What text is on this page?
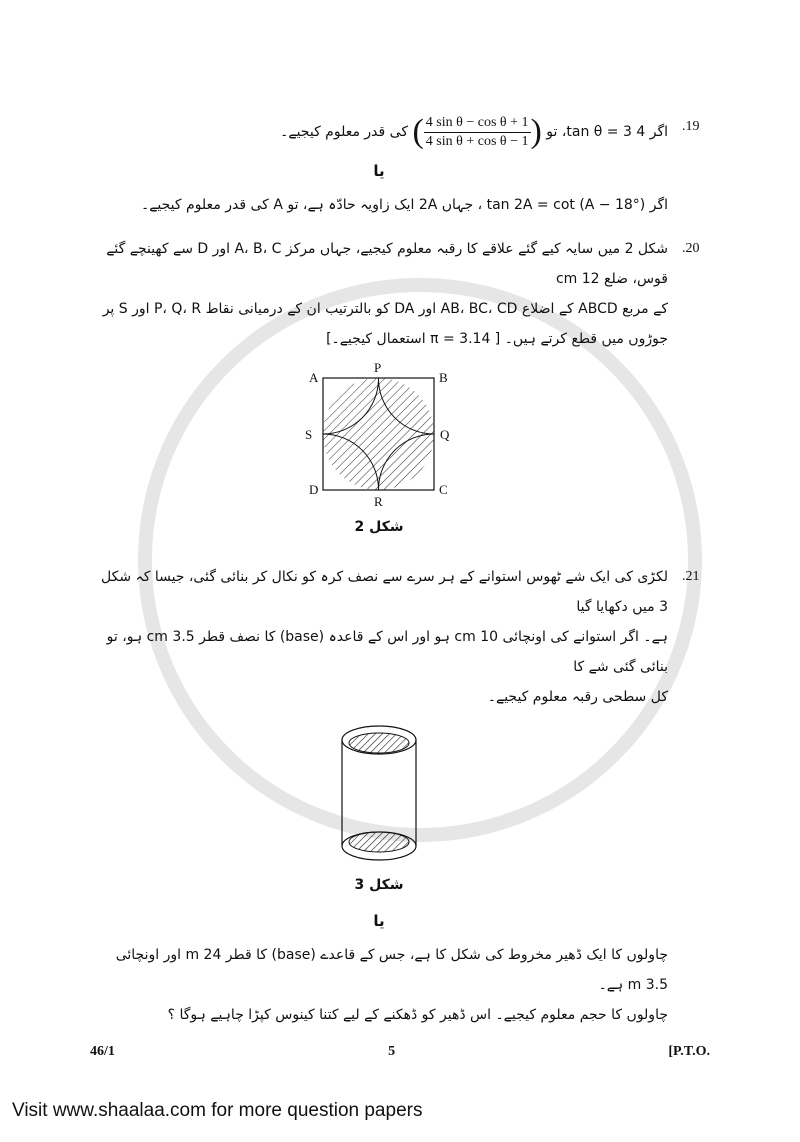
.19
اگر 4 tan θ = 3، تو (
$\frac{\text{4 sin θ − cos θ + 1}}{\text{4 sin θ + cos θ − 1}}$
) کی قدر معلوم کیجیے۔
یا
اگر tan 2A = cot (A − 18°) ، جہاں 2A ایک زاویہ حادّہ ہے، تو A کی قدر معلوم کیجیے۔
.20
شکل 2 میں سایہ کیے گئے علاقے کا رقبہ معلوم کیجیے، جہاں مرکز A، B، C اور D سے کھینچے گئے قوس، ضلع 12 cm
کے مربع ABCD کے اضلاع AB، BC، CD اور DA کو بالترتیب ان کے درمیانی نقاط P، Q، R اور S پر
جوڑوں میں قطع کرتے ہیں۔ [ π = 3.14 استعمال کیجیے۔]
A
P
B
S	Q
D
R
C
شکل 2
.21
لکڑی کی ایک شے ٹھوس استوانے کے ہر سرے سے نصف کرہ کو نکال کر بنائی گئی، جیسا کہ شکل 3 میں دکھایا گیا
ہے۔ اگر استوانے کی اونچائی 10 cm ہو اور اس کے قاعدہ (base) کا نصف قطر 3.5 cm ہو، تو بنائی گئی شے کا
کل سطحی رقبہ معلوم کیجیے۔
شکل 3
یا
چاولوں کا ایک ڈھیر مخروط کی شکل کا ہے، جس کے قاعدے (base) کا قطر 24 m اور اونچائی 3.5 m ہے۔
چاولوں کا حجم معلوم کیجیے۔ اس ڈھیر کو ڈھکنے کے لیے کتنا کینوس کپڑا چاہیے ہوگا ؟
46/1	5	[P.T.O.
Visit www.shaalaa.com for more question papers
